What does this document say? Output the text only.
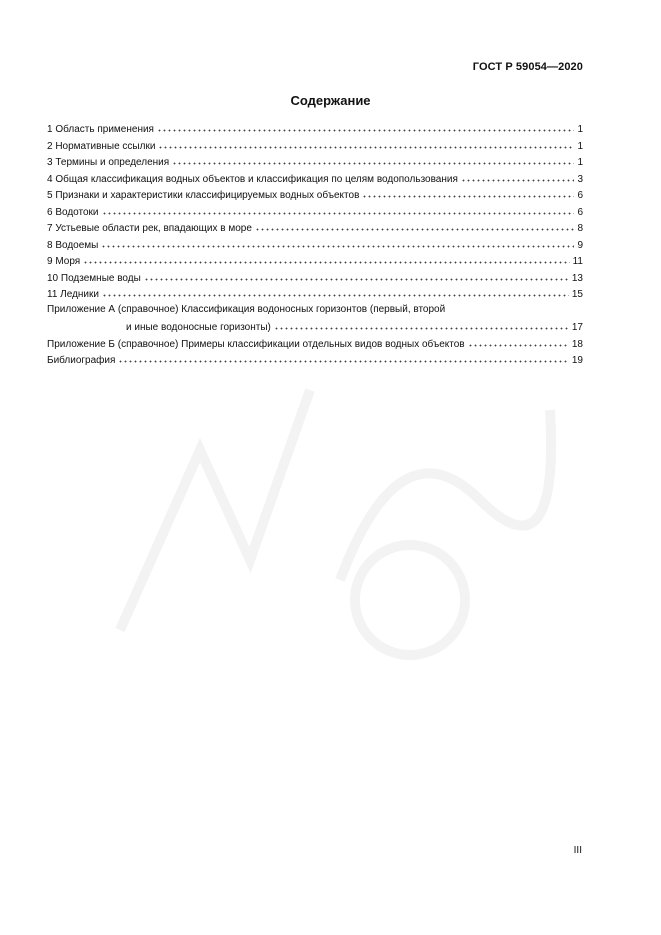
ГОСТ Р 59054—2020
Содержание
1 Область применения	1
2 Нормативные ссылки	1
3 Термины и определения	1
4 Общая классификация водных объектов и классификация по целям водопользования	3
5 Признаки и характеристики классифицируемых водных объектов	6
6 Водотоки	6
7 Устьевые области рек, впадающих в море	8
8 Водоемы	9
9 Моря	11
10 Подземные воды	13
11 Ледники	15
Приложение А (справочное) Классификация водоносных горизонтов (первый, второй
и иные водоносные горизонты)	17
Приложение Б (справочное) Примеры классификации отдельных видов водных объектов	18
Библиография	19
III
